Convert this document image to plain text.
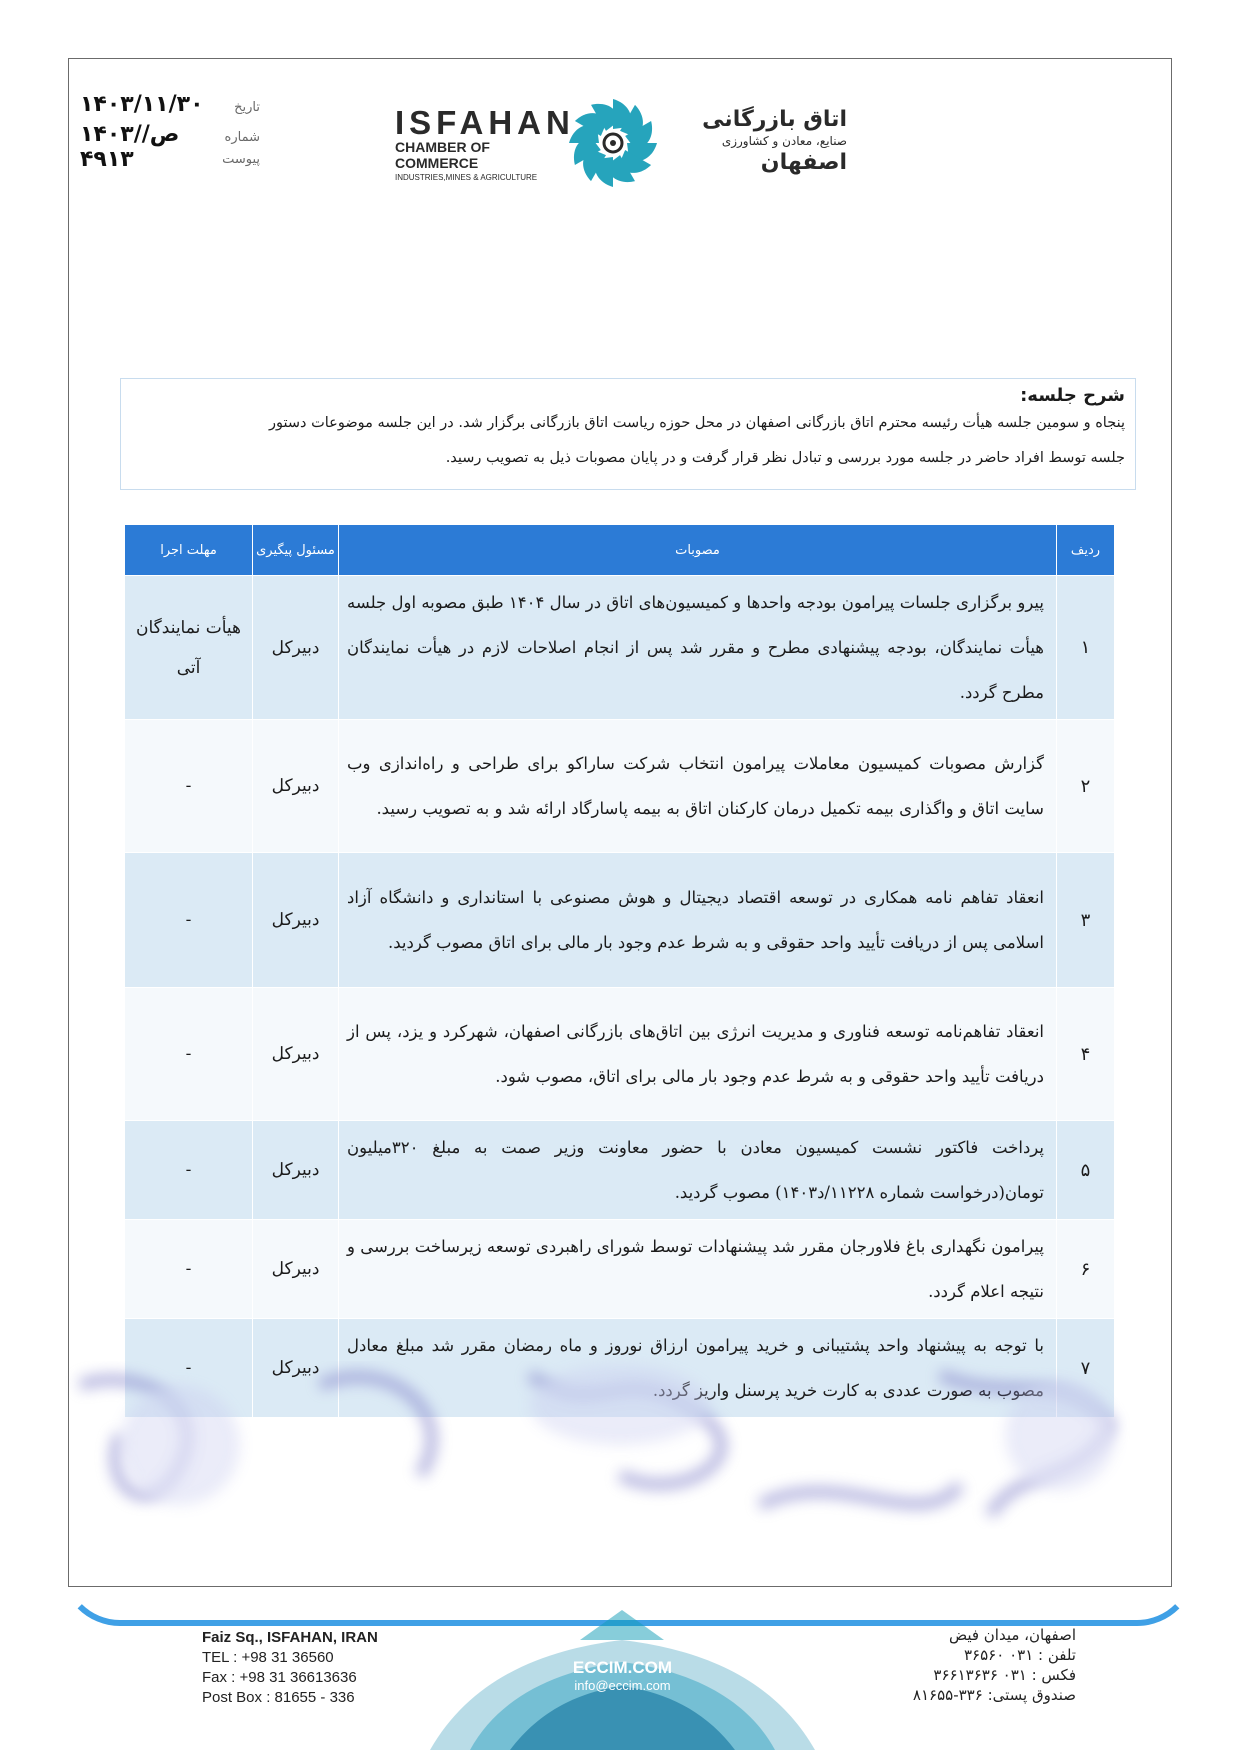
۱۴۰۳/۱۱/۳۰ تاریخ
۱۴۰۳/ص/۴۹۱۳
شماره
پیوست
ISFAHAN
CHAMBER OF COMMERCE
INDUSTRIES,MINES & AGRICULTURE
اتاق بازرگانی
صنایع، معادن و کشاورزی
اصفهان
شرح جلسه:
پنجاه و سومین جلسه هیأت رئیسه محترم اتاق بازرگانی اصفهان در محل حوزه ریاست اتاق بازرگانی برگزار شد. در این جلسه موضوعات دستور
جلسه توسط افراد حاضر در جلسه مورد بررسی و تبادل نظر قرار گرفت و در پایان مصوبات ذیل به تصویب رسید.
ردیف	مصوبات	مسئول پیگیری	مهلت اجرا
۱	پیرو برگزاری جلسات پیرامون بودجه واحدها و کمیسیون‌های اتاق در سال ۱۴۰۴ طبق مصوبه اول جلسه هیأت نمایندگان، بودجه پیشنهادی مطرح و مقرر شد پس از انجام اصلاحات لازم در هیأت نمایندگان مطرح گردد.	دبیرکل	هیأت نمایندگان آتی
۲	گزارش مصوبات کمیسیون معاملات پیرامون انتخاب شرکت ساراکو برای طراحی و راه‌اندازی وب سایت اتاق و واگذاری بیمه تکمیل درمان کارکنان اتاق به بیمه پاسارگاد ارائه شد و به تصویب رسید.	دبیرکل	-
۳	انعقاد تفاهم نامه همکاری در توسعه اقتصاد دیجیتال و هوش مصنوعی با استانداری و دانشگاه آزاد اسلامی پس از دریافت تأیید واحد حقوقی و به شرط عدم وجود بار مالی برای اتاق مصوب گردید.	دبیرکل	-
۴	انعقاد تفاهم‌نامه توسعه فناوری و مدیریت انرژی بین اتاق‌های بازرگانی اصفهان، شهرکرد و یزد، پس از دریافت تأیید واحد حقوقی و به شرط عدم وجود بار مالی برای اتاق، مصوب شود.	دبیرکل	-
۵	پرداخت فاکتور نشست کمیسیون معادن با حضور معاونت وزیر صمت به مبلغ ۳۲۰میلیون تومان(درخواست شماره ۱۱۲۲۸/د۱۴۰۳) مصوب گردید.	دبیرکل	-
۶	پیرامون نگهداری باغ فلاورجان مقرر شد پیشنهادات توسط شورای راهبردی توسعه زیرساخت بررسی و نتیجه اعلام گردد.	دبیرکل	-
۷	با توجه به پیشنهاد واحد پشتیبانی و خرید پیرامون ارزاق نوروز و ماه رمضان مقرر شد مبلغ معادل مصوب به صورت عددی به کارت خرید پرسنل واریز گردد.	دبیرکل	-
Faiz Sq., ISFAHAN, IRAN
TEL : +98 31 36560
Fax : +98 31 36613636
Post Box : 81655 - 336
ECCIM.COM
info@eccim.com
اصفهان، میدان فیض
تلفن : ۰۳۱ ۳۶۵۶۰
فکس : ۰۳۱ ۳۶۶۱۳۶۳۶
صندوق پستی: ۳۳۶-۸۱۶۵۵
